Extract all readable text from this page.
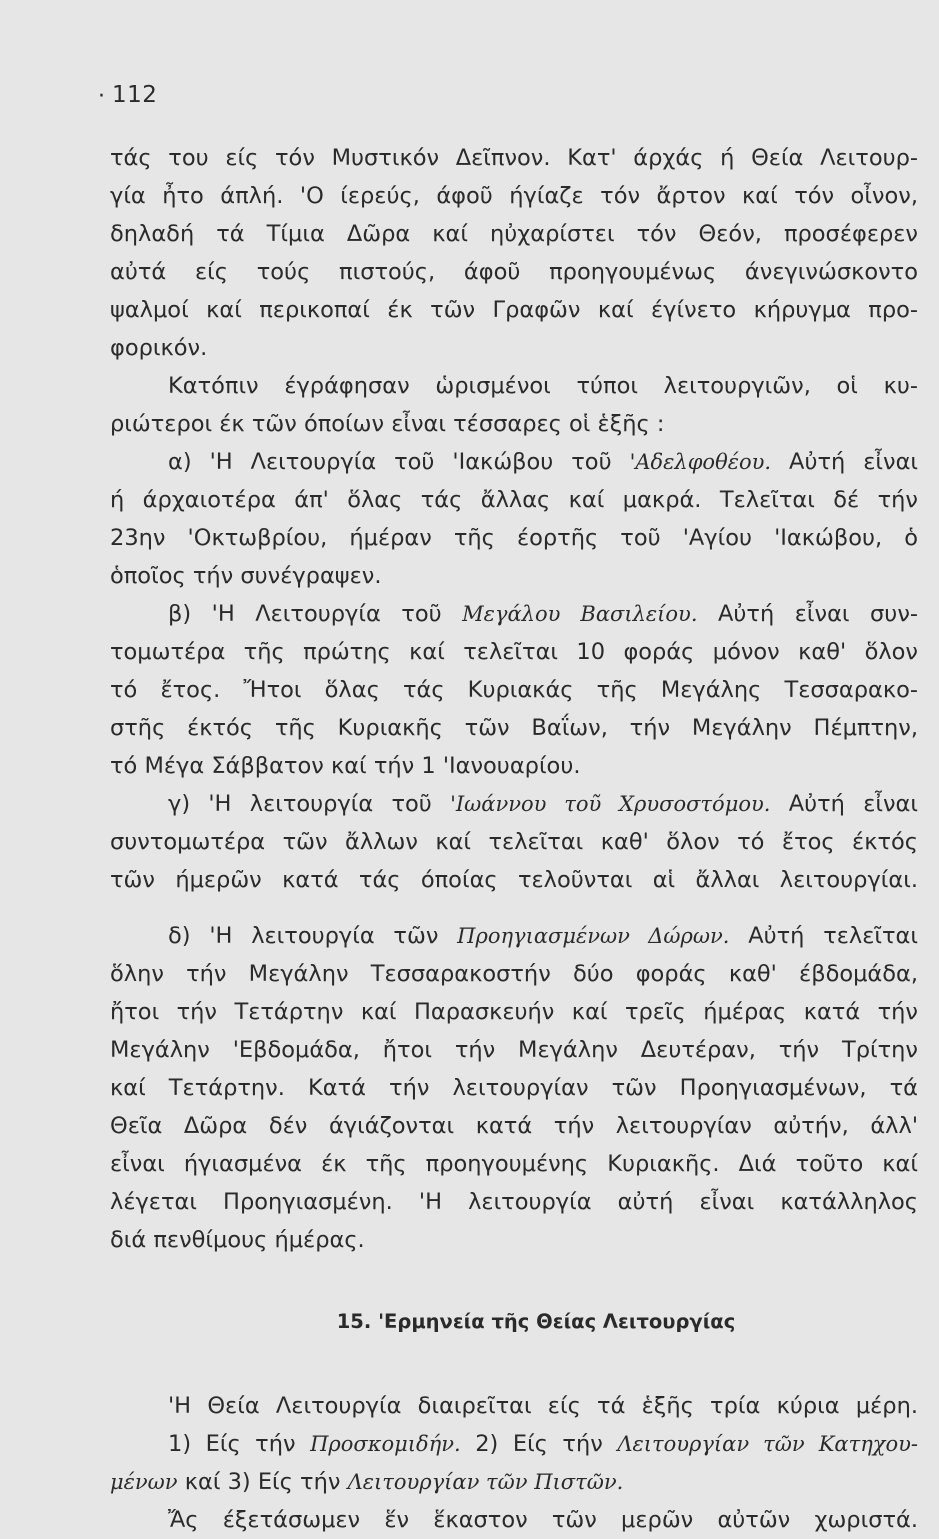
· 112
τάς του είς τόν Μυστικόν Δεῖπνον. Κατ' άρχάς ή Θεία Λειτουρ-
γία ἦτο άπλή. 'Ο ίερεύς, άφοῦ ήγίαζε τόν ἄρτον καί τόν οἶνον,
δηλαδή τά Τίμια Δῶρα καί ηὐχαρίστει τόν Θεόν, προσέφερεν
αὐτά είς τούς πιστούς, άφοῦ προηγουμένως άνεγινώσκοντο
ψαλμοί καί περικοπαί έκ τῶν Γραφῶν καί έγίνετο κήρυγμα προ-
φορικόν.
Κατόπιν έγράφησαν ὡρισμένοι τύποι λειτουργιῶν, οἱ κυ-
ριώτεροι έκ τῶν όποίων εἶναι τέσσαρες οἱ ἑξῆς :
α) 'Η Λειτουργία τοῦ 'Ιακώβου τοῦ 'Αδελφοθέου. Αὐτή εἶναι
ή άρχαιοτέρα άπ' ὅλας τάς ἄλλας καί μακρά. Τελεῖται δέ τήν
23ην 'Οκτωβρίου, ήμέραν τῆς έορτῆς τοῦ 'Αγίου 'Ιακώβου, ὁ
ὁποῖος τήν συνέγραψεν.
β) 'Η Λειτουργία τοῦ Μεγάλου Βασιλείου. Αὐτή εἶναι συν-
τομωτέρα τῆς πρώτης καί τελεῖται 10 φοράς μόνον καθ' ὅλον
τό ἔτος. Ἤτοι ὅλας τάς Κυριακάς τῆς Μεγάλης Τεσσαρακο-
στῆς έκτός τῆς Κυριακῆς τῶν Βαΐων, τήν Μεγάλην Πέμπτην,
τό Μέγα Σάββατον καί τήν 1 'Ιανουαρίου.
γ) 'Η λειτουργία τοῦ 'Ιωάννου τοῦ Χρυσοστόμου. Αὐτή εἶναι
συντομωτέρα τῶν ἄλλων καί τελεῖται καθ' ὅλον τό ἔτος έκτός
τῶν ήμερῶν κατά τάς όποίας τελοῦνται αἱ ἄλλαι λειτουργίαι.
δ) 'Η λειτουργία τῶν Προηγιασμένων Δώρων. Αὐτή τελεῖται
ὅλην τήν Μεγάλην Τεσσαρακοστήν δύο φοράς καθ' έβδομάδα,
ἤτοι τήν Τετάρτην καί Παρασκευήν καί τρεῖς ήμέρας κατά τήν
Μεγάλην 'Εβδομάδα, ἤτοι τήν Μεγάλην Δευτέραν, τήν Τρίτην
καί Τετάρτην. Κατά τήν λειτουργίαν τῶν Προηγιασμένων, τά
Θεῖα Δῶρα δέν άγιάζονται κατά τήν λειτουργίαν αὐτήν, άλλ'
εἶναι ήγιασμένα έκ τῆς προηγουμένης Κυριακῆς. Διά τοῦτο καί
λέγεται Προηγιασμένη. 'Η λειτουργία αὐτή εἶναι κατάλληλος
διά πενθίμους ήμέρας.
15. 'Ερμηνεία τῆς Θείας Λειτουργίας
'Η Θεία Λειτουργία διαιρεῖται είς τά ἑξῆς τρία κύρια μέρη.
1) Είς τήν Προσκομιδήν. 2) Είς τήν Λειτουργίαν τῶν Κατηχου-
μένων καί 3) Είς τήν Λειτουργίαν τῶν Πιστῶν.
Ἄς έξετάσωμεν ἕν ἕκαστον τῶν μερῶν αὐτῶν χωριστά.
